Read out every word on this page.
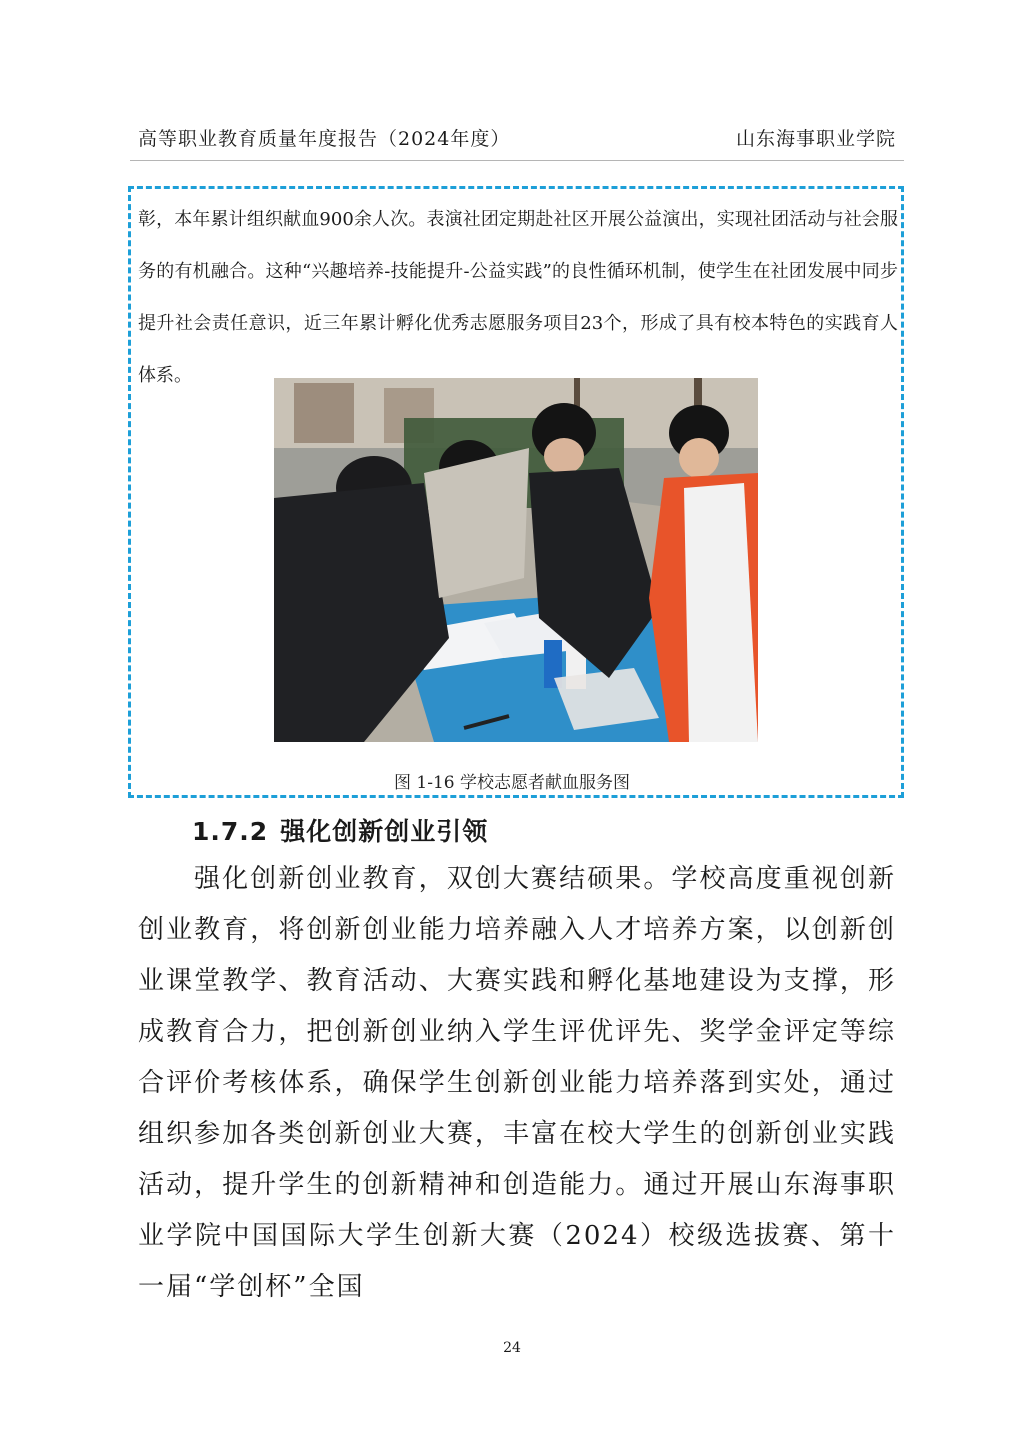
高等职业教育质量年度报告（2024年度）	山东海事职业学院
彰，本年累计组织献血900余人次。表演社团定期赴社区开展公益演出，实现社团活动与社会服务的有机融合。这种“兴趣培养-技能提升-公益实践”的良性循环机制，使学生在社团发展中同步提升社会责任意识，近三年累计孵化优秀志愿服务项目23个，形成了具有校本特色的实践育人体系。
图 1-16 学校志愿者献血服务图
1.7.2 强化创新创业引领
强化创新创业教育，双创大赛结硕果。学校高度重视创新创业教育，将创新创业能力培养融入人才培养方案，以创新创业课堂教学、教育活动、大赛实践和孵化基地建设为支撑，形成教育合力，把创新创业纳入学生评优评先、奖学金评定等综合评价考核体系，确保学生创新创业能力培养落到实处，通过组织参加各类创新创业大赛，丰富在校大学生的创新创业实践活动，提升学生的创新精神和创造能力。通过开展山东海事职业学院中国国际大学生创新大赛（2024）校级选拔赛、第十一届“学创杯”全国
24
